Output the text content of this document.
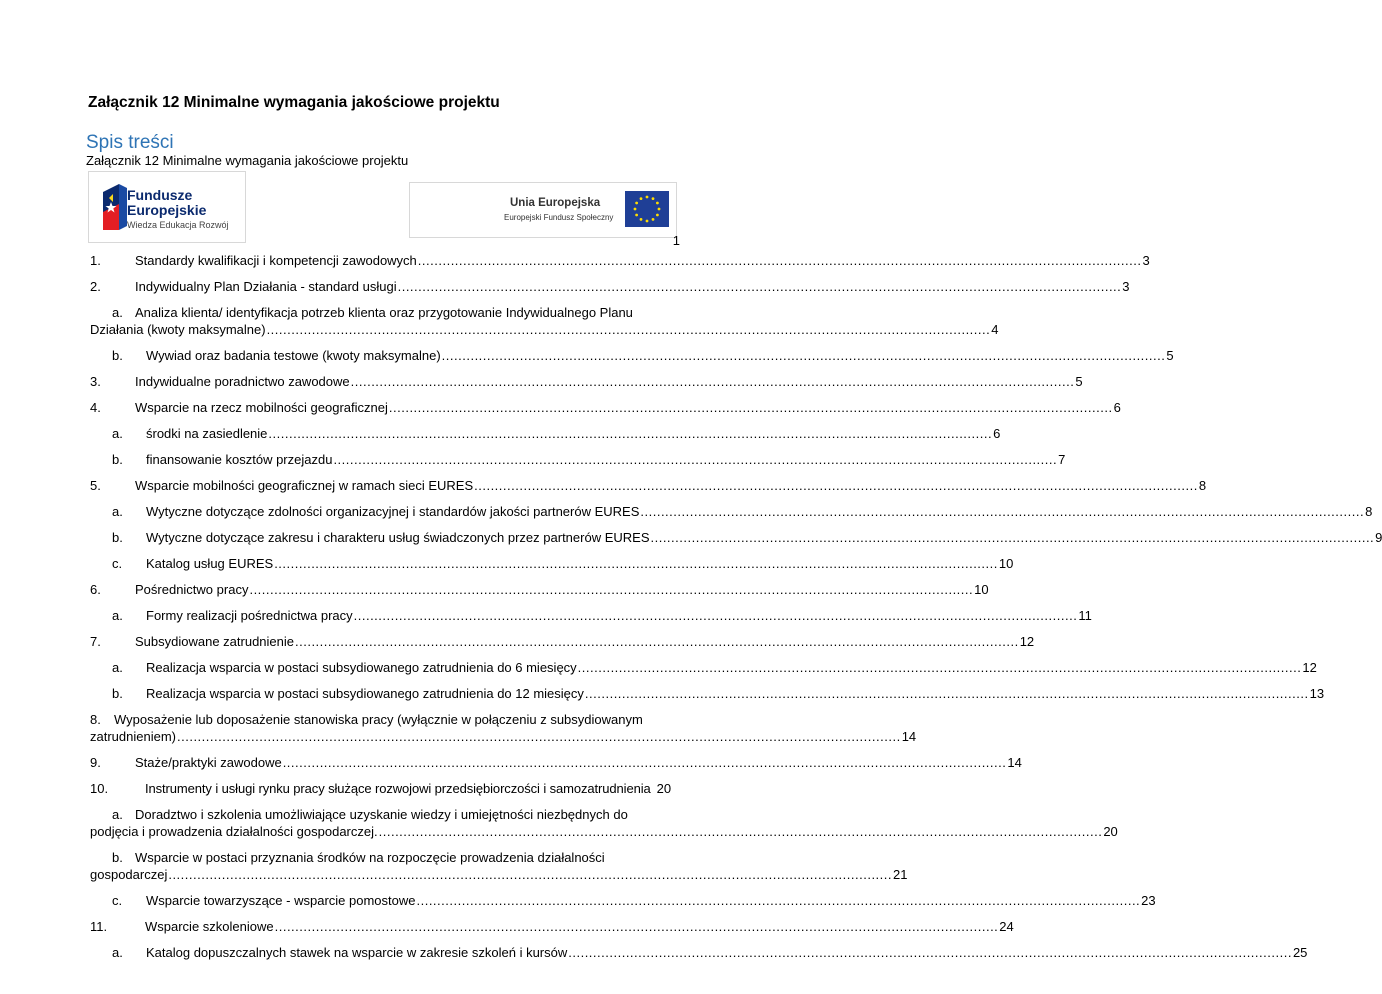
Załącznik 12 Minimalne wymagania jakościowe projektu
Spis treści
Załącznik 12 Minimalne wymagania jakościowe projektu
Fundusze
Europejskie
Wiedza Edukacja Rozwój
Unia Europejska
Europejski Fundusz Społeczny
1
1.	Standardy kwalifikacji i kompetencji zawodowych ................................................................................................................................................................................ 3
2.	Indywidualny Plan Działania - standard usługi ................................................................................................................................................................................ 3
a. Analiza klienta/ identyfikacja potrzeb klienta oraz przygotowanie Indywidualnego Planu
Działania (kwoty maksymalne) ................................................................................................................................................................................ 4
b.	Wywiad oraz badania testowe (kwoty maksymalne) ................................................................................................................................................................................ 5
3.	Indywidualne poradnictwo zawodowe ................................................................................................................................................................................ 5
4.	Wsparcie na rzecz mobilności geograficznej ................................................................................................................................................................................ 6
a.	środki na zasiedlenie ................................................................................................................................................................................ 6
b.	finansowanie kosztów przejazdu ................................................................................................................................................................................ 7
5.	Wsparcie mobilności geograficznej w ramach sieci EURES ................................................................................................................................................................................ 8
a.	Wytyczne dotyczące zdolności organizacyjnej i standardów jakości partnerów EURES ................................................................................................................................................................................ 8
b.	Wytyczne dotyczące zakresu i charakteru usług świadczonych przez partnerów EURES ................................................................................................................................................................................ 9
c.	Katalog usług EURES ................................................................................................................................................................................ 10
6.	Pośrednictwo pracy ................................................................................................................................................................................ 10
a.	Formy realizacji pośrednictwa pracy ................................................................................................................................................................................ 11
7.	Subsydiowane zatrudnienie ................................................................................................................................................................................ 12
a.	Realizacja wsparcia w postaci subsydiowanego zatrudnienia do 6 miesięcy ................................................................................................................................................................................ 12
b.	Realizacja wsparcia w postaci subsydiowanego zatrudnienia do 12 miesięcy ................................................................................................................................................................................ 13
8. Wyposażenie lub doposażenie stanowiska pracy (wyłącznie w połączeniu z subsydiowanym
zatrudnieniem) ................................................................................................................................................................................ 14
9.	Staże/praktyki zawodowe ................................................................................................................................................................................ 14
10.	Instrumenty i usługi rynku pracy służące rozwojowi przedsiębiorczości i samozatrudnienia 20
a. Doradztwo i szkolenia umożliwiające uzyskanie wiedzy i umiejętności niezbędnych do
podjęcia i prowadzenia działalności gospodarczej. ................................................................................................................................................................................ 20
b. Wsparcie w postaci przyznania środków na rozpoczęcie prowadzenia działalności
gospodarczej ................................................................................................................................................................................ 21
c.	Wsparcie towarzyszące - wsparcie pomostowe ................................................................................................................................................................................ 23
11.	Wsparcie szkoleniowe ................................................................................................................................................................................ 24
a.	Katalog dopuszczalnych stawek na wsparcie w zakresie szkoleń i kursów ................................................................................................................................................................................ 25
